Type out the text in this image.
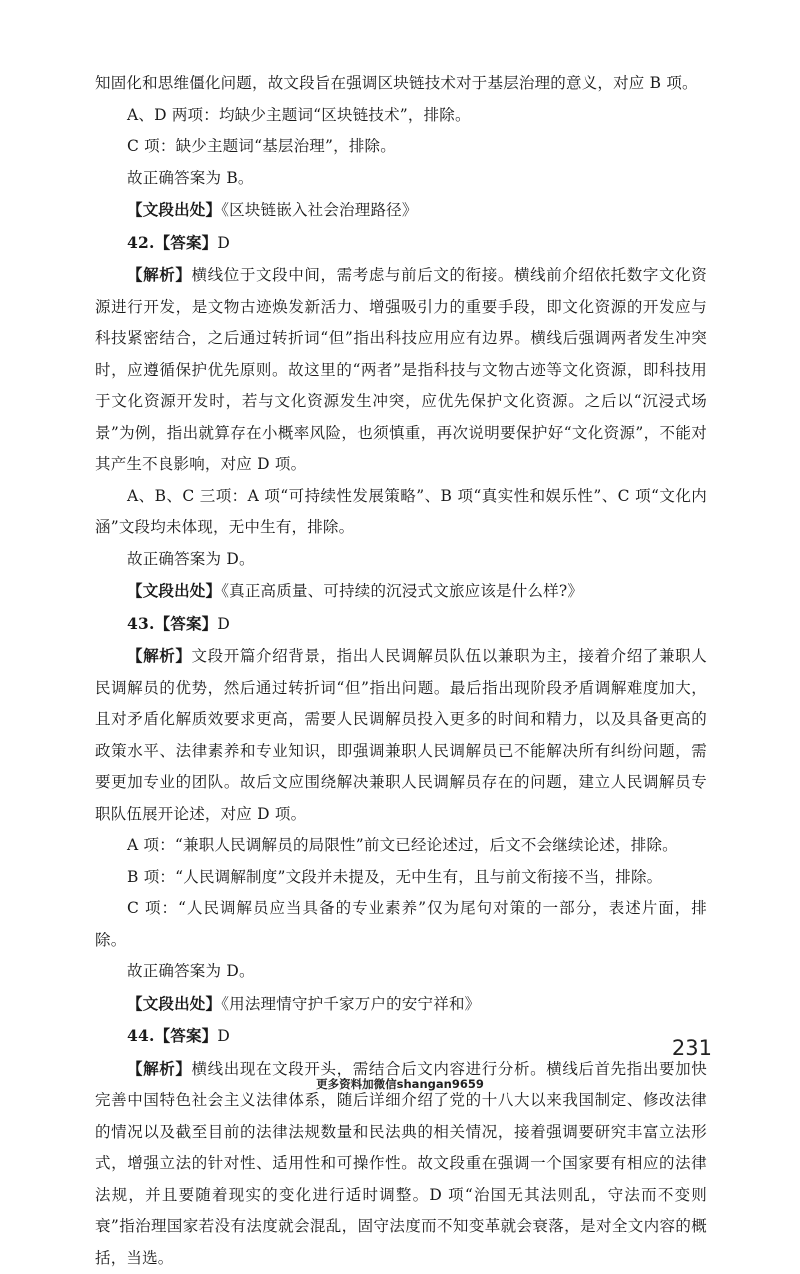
知固化和思维僵化问题，故文段旨在强调区块链技术对于基层治理的意义，对应 B 项。

A、D 两项：均缺少主题词“区块链技术”，排除。

C 项：缺少主题词“基层治理”，排除。

故正确答案为 B。

【文段出处】《区块链嵌入社会治理路径》

42.【答案】D

【解析】横线位于文段中间，需考虑与前后文的衔接。横线前介绍依托数字文化资源进行开发，是文物古迹焕发新活力、增强吸引力的重要手段，即文化资源的开发应与科技紧密结合，之后通过转折词“但”指出科技应用应有边界。横线后强调两者发生冲突时，应遵循保护优先原则。故这里的“两者”是指科技与文物古迹等文化资源，即科技用于文化资源开发时，若与文化资源发生冲突，应优先保护文化资源。之后以“沉浸式场景”为例，指出就算存在小概率风险，也须慎重，再次说明要保护好“文化资源”，不能对其产生不良影响，对应 D 项。

A、B、C 三项：A 项“可持续性发展策略”、B 项“真实性和娱乐性”、C 项“文化内涵”文段均未体现，无中生有，排除。

故正确答案为 D。

【文段出处】《真正高质量、可持续的沉浸式文旅应该是什么样?》

43.【答案】D

【解析】文段开篇介绍背景，指出人民调解员队伍以兼职为主，接着介绍了兼职人民调解员的优势，然后通过转折词“但”指出问题。最后指出现阶段矛盾调解难度加大，且对矛盾化解质效要求更高，需要人民调解员投入更多的时间和精力，以及具备更高的政策水平、法律素养和专业知识，即强调兼职人民调解员已不能解决所有纠纷问题，需要更加专业的团队。故后文应围绕解决兼职人民调解员存在的问题，建立人民调解员专职队伍展开论述，对应 D 项。

A 项：“兼职人民调解员的局限性”前文已经论述过，后文不会继续论述，排除。

B 项：“人民调解制度”文段并未提及，无中生有，且与前文衔接不当，排除。

C 项：“人民调解员应当具备的专业素养”仅为尾句对策的一部分，表述片面，排除。

故正确答案为 D。

【文段出处】《用法理情守护千家万户的安宁祥和》

44.【答案】D

【解析】横线出现在文段开头，需结合后文内容进行分析。横线后首先指出要加快完善中国特色社会主义法律体系，随后详细介绍了党的十八大以来我国制定、修改法律的情况以及截至目前的法律法规数量和民法典的相关情况，接着强调要研究丰富立法形式，增强立法的针对性、适用性和可操作性。故文段重在强调一个国家要有相应的法律法规，并且要随着现实的变化进行适时调整。D 项“治国无其法则乱，守法而不变则衰”指治理国家若没有法度就会混乱，固守法度而不知变革就会衰落，是对全文内容的概括，当选。

231
更多资料加微信shangan9659
